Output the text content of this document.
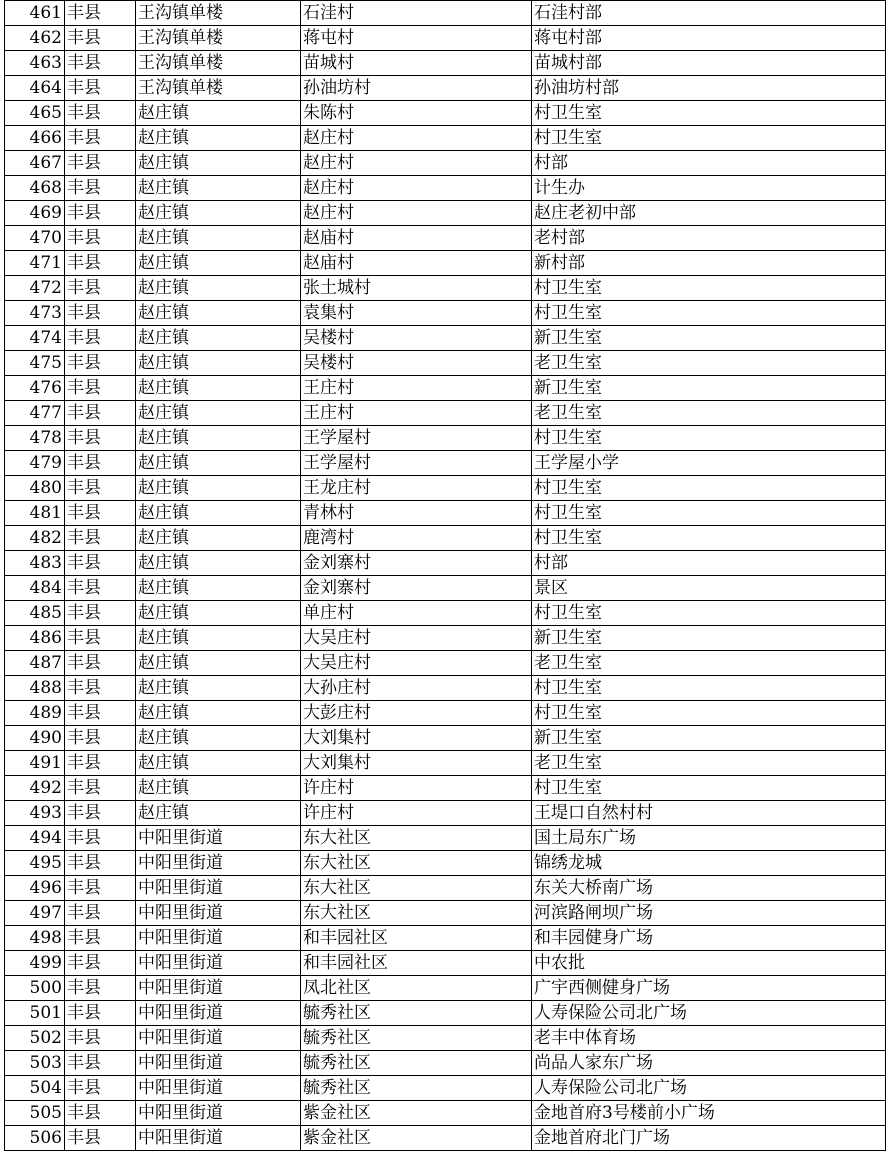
461	丰县	王沟镇单楼	石洼村	石洼村部
462	丰县	王沟镇单楼	蒋屯村	蒋屯村部
463	丰县	王沟镇单楼	苗城村	苗城村部
464	丰县	王沟镇单楼	孙油坊村	孙油坊村部
465	丰县	赵庄镇	朱陈村	村卫生室
466	丰县	赵庄镇	赵庄村	村卫生室
467	丰县	赵庄镇	赵庄村	村部
468	丰县	赵庄镇	赵庄村	计生办
469	丰县	赵庄镇	赵庄村	赵庄老初中部
470	丰县	赵庄镇	赵庙村	老村部
471	丰县	赵庄镇	赵庙村	新村部
472	丰县	赵庄镇	张土城村	村卫生室
473	丰县	赵庄镇	袁集村	村卫生室
474	丰县	赵庄镇	吴楼村	新卫生室
475	丰县	赵庄镇	吴楼村	老卫生室
476	丰县	赵庄镇	王庄村	新卫生室
477	丰县	赵庄镇	王庄村	老卫生室
478	丰县	赵庄镇	王学屋村	村卫生室
479	丰县	赵庄镇	王学屋村	王学屋小学
480	丰县	赵庄镇	王龙庄村	村卫生室
481	丰县	赵庄镇	青林村	村卫生室
482	丰县	赵庄镇	鹿湾村	村卫生室
483	丰县	赵庄镇	金刘寨村	村部
484	丰县	赵庄镇	金刘寨村	景区
485	丰县	赵庄镇	单庄村	村卫生室
486	丰县	赵庄镇	大吴庄村	新卫生室
487	丰县	赵庄镇	大吴庄村	老卫生室
488	丰县	赵庄镇	大孙庄村	村卫生室
489	丰县	赵庄镇	大彭庄村	村卫生室
490	丰县	赵庄镇	大刘集村	新卫生室
491	丰县	赵庄镇	大刘集村	老卫生室
492	丰县	赵庄镇	许庄村	村卫生室
493	丰县	赵庄镇	许庄村	王堤口自然村村
494	丰县	中阳里街道	东大社区	国土局东广场
495	丰县	中阳里街道	东大社区	锦绣龙城
496	丰县	中阳里街道	东大社区	东关大桥南广场
497	丰县	中阳里街道	东大社区	河滨路闸坝广场
498	丰县	中阳里街道	和丰园社区	和丰园健身广场
499	丰县	中阳里街道	和丰园社区	中农批
500	丰县	中阳里街道	凤北社区	广宇西侧健身广场
501	丰县	中阳里街道	毓秀社区	人寿保险公司北广场
502	丰县	中阳里街道	毓秀社区	老丰中体育场
503	丰县	中阳里街道	毓秀社区	尚品人家东广场
504	丰县	中阳里街道	毓秀社区	人寿保险公司北广场
505	丰县	中阳里街道	紫金社区	金地首府3号楼前小广场
506	丰县	中阳里街道	紫金社区	金地首府北门广场
